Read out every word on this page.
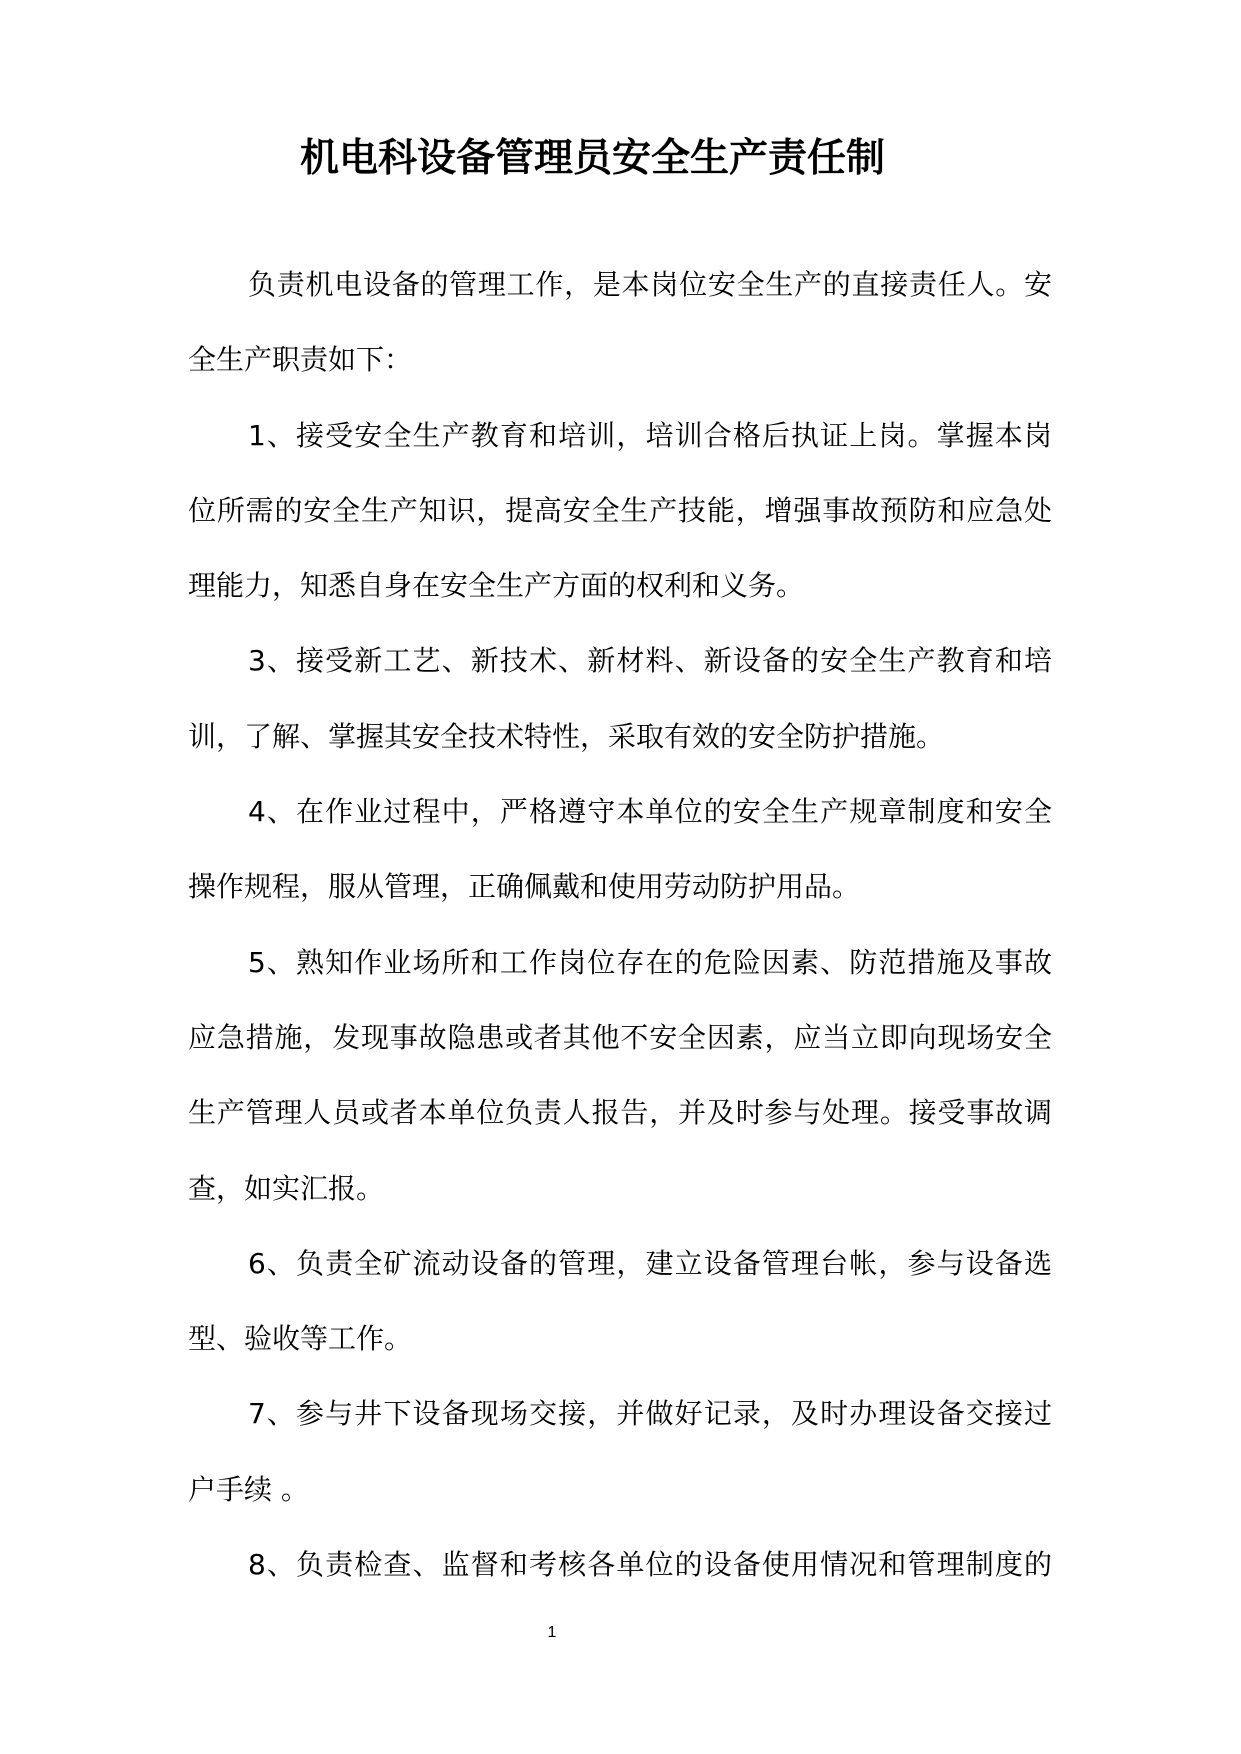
机电科设备管理员安全生产责任制
负责机电设备的管理工作，是本岗位安全生产的直接责任人。安
全生产职责如下：
1、接受安全生产教育和培训，培训合格后执证上岗。掌握本岗
位所需的安全生产知识，提高安全生产技能，增强事故预防和应急处
理能力，知悉自身在安全生产方面的权利和义务。
3、接受新工艺、新技术、新材料、新设备的安全生产教育和培
训，了解、掌握其安全技术特性，采取有效的安全防护措施。
4、在作业过程中，严格遵守本单位的安全生产规章制度和安全
操作规程，服从管理，正确佩戴和使用劳动防护用品。
5、熟知作业场所和工作岗位存在的危险因素、防范措施及事故
应急措施，发现事故隐患或者其他不安全因素，应当立即向现场安全
生产管理人员或者本单位负责人报告，并及时参与处理。接受事故调
查，如实汇报。
6、负责全矿流动设备的管理，建立设备管理台帐，参与设备选
型、验收等工作。
7、参与井下设备现场交接，并做好记录，及时办理设备交接过
户手续 。
8、负责检查、监督和考核各单位的设备使用情况和管理制度的
1
